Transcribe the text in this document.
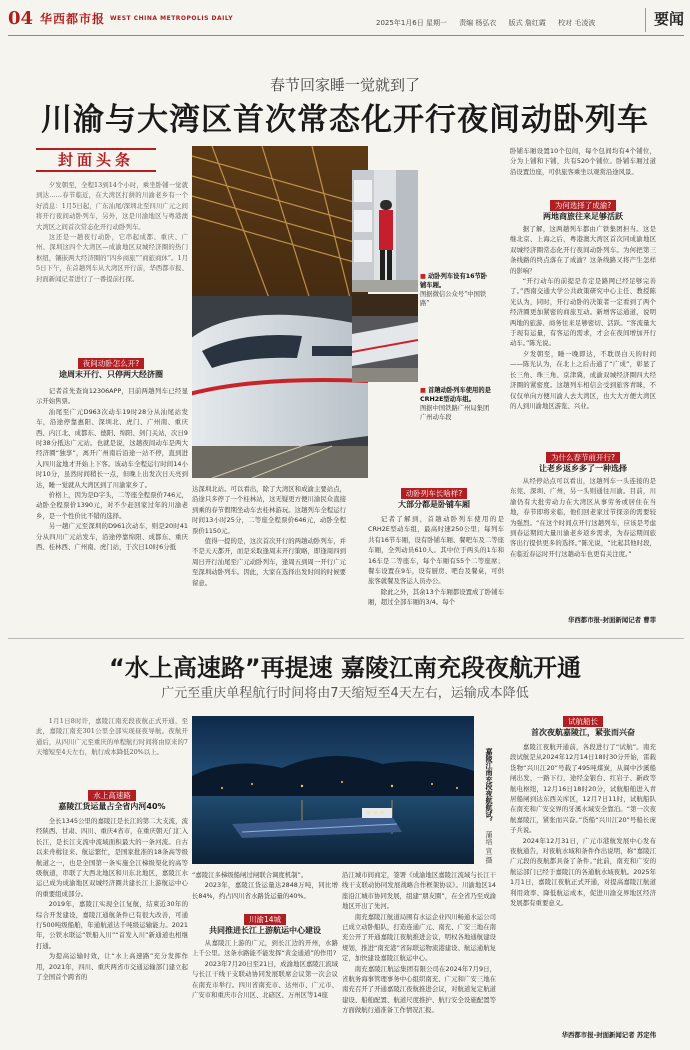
04 华西都市报 WEST CHINA METROPOLIS DAILY
2025年1月6日 星期一 责编 杨弘衣 版式 詹红霞 校对 毛凌波	要闻
春节回家睡一觉就到了
川渝与大湾区首次常态化开行夜间动卧列车
封面头条

夕发朝至，全程13到14个小时，乘坐卧铺一觉就到达……春节临近，在大湾区打拼的川渝老乡有一个好消息：1月5日起，广东汕尾/深圳北至四川广元之间将开行夜间动卧列车，另外，这是川渝地区与粤港澳大湾区之间首次常态化开行动卧列车。

这还是一趟夜行动卧，它串起成都、重庆、广州、深圳这四个大湾区—成渝地区双城经济圈的热门枢纽，镶嵌两大经济圈的“四乡商旅”“商旅商休”。1月5日下午，在首趟列车从大湾区开行前，华西都市报、封面新闻记者进行了一番提前打探。

夜间动卧怎么开?
途周末开行、只停两大经济圈

记者首先查询12306APP，目前两趟列车已经显示开始售票。

汕尾至广元D963次动车19时28分从汕尾站发车，沿途停靠惠阳、深圳北、虎门、广州南、重庆西、内江北、成都东、德阳、绵阳、剑门关站，次日9时38分抵达广元站。也就是说，这趟夜间动车是两大经济圈“独享”，离开广州南后沿途一站不停，直到进入四川盆地才开始上下客。该动车全程运行时间14小时10分，虽然时间稍长一点，但晚上出发次日天亮到达，睡一觉就从大湾区到了川渝家乡了。

价格上，因为是D字头，二等座全程票价746元，动卧全程票价1390元，对不少赶回家过年的川渝老乡，是一个性价比不错的选择。

另一趟广元至深圳的D961次动车，则是20时41分从四川广元站发车，沿途停靠绵阳、成都东、重庆西、桂林西、广州南、虎门站，于次日10时6分抵

达深圳北站。可以看出，除了大湾区和成渝主要站点，沿途只多停了一个桂林站，这无疑更方便川渝民众直接到乘的春节假期坐动车去桂林游玩。这趟列车全程运行时间13小时25分，二等座全程票价646元，动卧全程票价1150元。

值得一提的是，这次首次开行的两趟动卧列车，并不是天天都开，而是采取逢周末开行策略，即逢周四到周日开行汕尾至广元动卧列车，逢周五到周一开行广元至深圳动卧列车。因此，大家在选择出发时间的时候要留意。

■ 动卧列车设有16节卧铺车厢。
图据微信公众号“中国铁路”
■ 首趟动卧列车使用的是CRH2E型动车组。
图据中国铁路广州局集团广州动车段
动卧列车长啥样?
大部分都是卧铺车厢

记者了解到，首趟动卧列车使用的是CRH2E型动车组，最高时速250公里；每列车共有16节车厢，设有卧铺车厢、餐吧车及二等座车厢，全列动员610人。其中位于两头的1车和16车是二等座车，每个车厢有55个二等座席；餐车设置在9车，设有厨房、吧台及餐桌，可供旅客就餐及客运人员办公。

除此之外，其余13个车厢都设置成了卧铺车厢，超过全部车厢的3/4。每个

卧铺车厢设置10个包间，每个包间均有4个铺位，分为上铺和下铺，共有520个铺位。卧铺车厢过道沿设置边座，可供旅客乘坐以观赏沿途风景。

为何选择了成渝?
两地商旅往来足够活跃

据了解，这两趟列车都由广铁集团担当。这是继北京、上海之后，粤港澳大湾区首次同成渝地区双城经济圈常态化开行夜间动卧列车。为何把第三条线路的终点落在了成渝？这条线路又将产生怎样的影响？

“开行动车的前提是肯定是路网已经足够完善了。”西南交通大学公共政策研究中心主任、教授陈光认为，同时，开行动卧的决策者一定看到了两个经济圈更加紧密的商旅互动。新增客运通道，说明两地的旅游、商务往来足够密切、活跃。“客流量大于现有运量，有客运的需求，才会在夜间增加开行动车。”陈光说。

夕发朝至，睡一晚即达，不耽误白天的时间——陈光认为，在北上之后击通了“广成”，彰显了长三角、珠三角、京津冀，成渝双城经济圈四大经济圈的紧密度。这趟列车相信会受到旅客青睐，不仅仅单向方便川渝人去大湾区，也大大方便大湾区的人到川渝地区游览、兴业。

为什么春节前开行?
让老乡返乡多了一种选择

从经停站点可以看出，这趟列车一头连接的是东莞、深圳、广州，另一头则通往川渝。目前，川渝仍有大批劳动力在大湾区从事劳务或居住在当地，春节即将来临，他们回老家过节探亲的需要较为强烈。“在这个时间点开行这趟列车，应该是考虑到春运期间大量川渝老乡返乡需求，为春运期间旅客出行提供更多的选择。”陈光说，“比起其他时段，在临近春运时开行这趟动车也更有关注度。”

华西都市报-封面新闻记者 曹菲
“水上高速路”再提速 嘉陵江南充段夜航开通
广元至重庆单程航行时间将由7天缩短至4天左右，运输成本降低

1月1日8时许，嘉陵江南充段夜航正式开通，至此，嘉陵江南充301公里全部实现昼夜导航。夜航开通后，从四川广元至重庆的单程航行时间将由原来的7天缩短至4天左右，航行成本降低20%以上。

水上高速路
嘉陵江货运量占全省内河40%

全长1345公里的嘉陵江是长江的第二大支流，流经陕西、甘肃、四川、重庆4省市，在重庆朝天门汇入长江，是长江支流中流域面积最大的一条河流。自古以来舟楫往来、航运繁忙，是国家批准的18条高等级航道之一，也是全国第一条实施全江梯级渠化的高等级航道，串联了大西北地区和川东北地区，嘉陵江水运已成为成渝地区双城经济圈共建长江上游航运中心的重要组成部分。

2019年，嘉陵江实现全江复航，结束近30年的综合开发建设，嘉陵江通航条件已有很大改善，可通行500吨级船舶，年通航道达千吨级运输能力。2021年，公铁水联运“铁船入川”“首发入川”新通道也相继打通。

为提高运输时效，让“水上高速路”充分发挥作用，2021年，四川、重庆两省市交通运输部门建立起了全国首个跨省的

嘉陵江南充段夜航航试。 蒲培 宣 摄

“嘉陵江多梯级船闸过闸联合调度机制”。

2023年，嘉陵江货运量达2848万吨，同比增长84%，约占四川省水路货运量的40%。

川渝14城
共同推进长江上游航运中心建设

从嘉陵江上游的广元，到长江边的开州，水路上千公里。这条水路能不能发挥“黄金通道”的作用?

2023年7月20日至21日，成渝地区嘉陵江流域与长江干线干支联动协同发展联席会议第一次会议在南充市举行。四川省南充市、达州市、广元市、广安市和重庆市合川区、北碚区、万州区等14座

沿江城市间商定，签署《成渝地区嘉陵江流域与长江干线干支联动协同发展战略合作框架协议》。川渝地区14座沿江城市协同发展，组建“朋友圈”，在全省乃至成渝地区开出了先河。

南充嘉陵江航道局围有水运企业四川畅通水运公司已成立动卧船队，打造连通广元、南充、广安三地在南充公开了开通嘉陵江夜航推进会议，明权各地通航建设规划，推进“南充港”省际联运物流港建设、航运通航复定，加快建设嘉陵江航运中心。

南充嘉陵江航运集团有限公司在2024年7月9日，省航务海事管理事务中心组织南充、广元和广安三地在南充召开了开通嘉陵江夜航推进会议，对航道复定航道建设、船舶配置、航道尺度推护、航行安全设施配置等方面做航行通准备工作情况汇报。

试航船长
首次夜航嘉陵江，紧张而兴奋

嘉陵江夜航开通前，各段进行了“试航”。南充段试航是从2024年12月14日18时30分开始，雷载货物“兴川江20”号载了495吨煤炭，从阆中沙溪船闸出发，一路下行，途经金银台、红岩子、新政等航电枢纽，12月16日18时20分，试航船舶进入青居船闸到达东西关库区，12月7日11时，试航船队在南充和广安交界的牙溪水域安全靠泊。“第一次夜航嘉陵江，紧张而兴奋。”货船“兴川江20”号船长庞子兵说。

2024年12月31日，广元市港航发展中心发布夜航通告，对夜航水域和条件作出说明，称“嘉陵江广元段的夜航都具备了条件。”此前，南充和广安的航运部门已经于嘉陵江的各通航水域夜航。2025年1月1日，嘉陵江夜航正式开通，对提高嘉陵江航道利用效率、降低航运成本，促进川渝交界地区经济发展都有重要意义。

华西都市报-封面新闻记者 苏定伟
